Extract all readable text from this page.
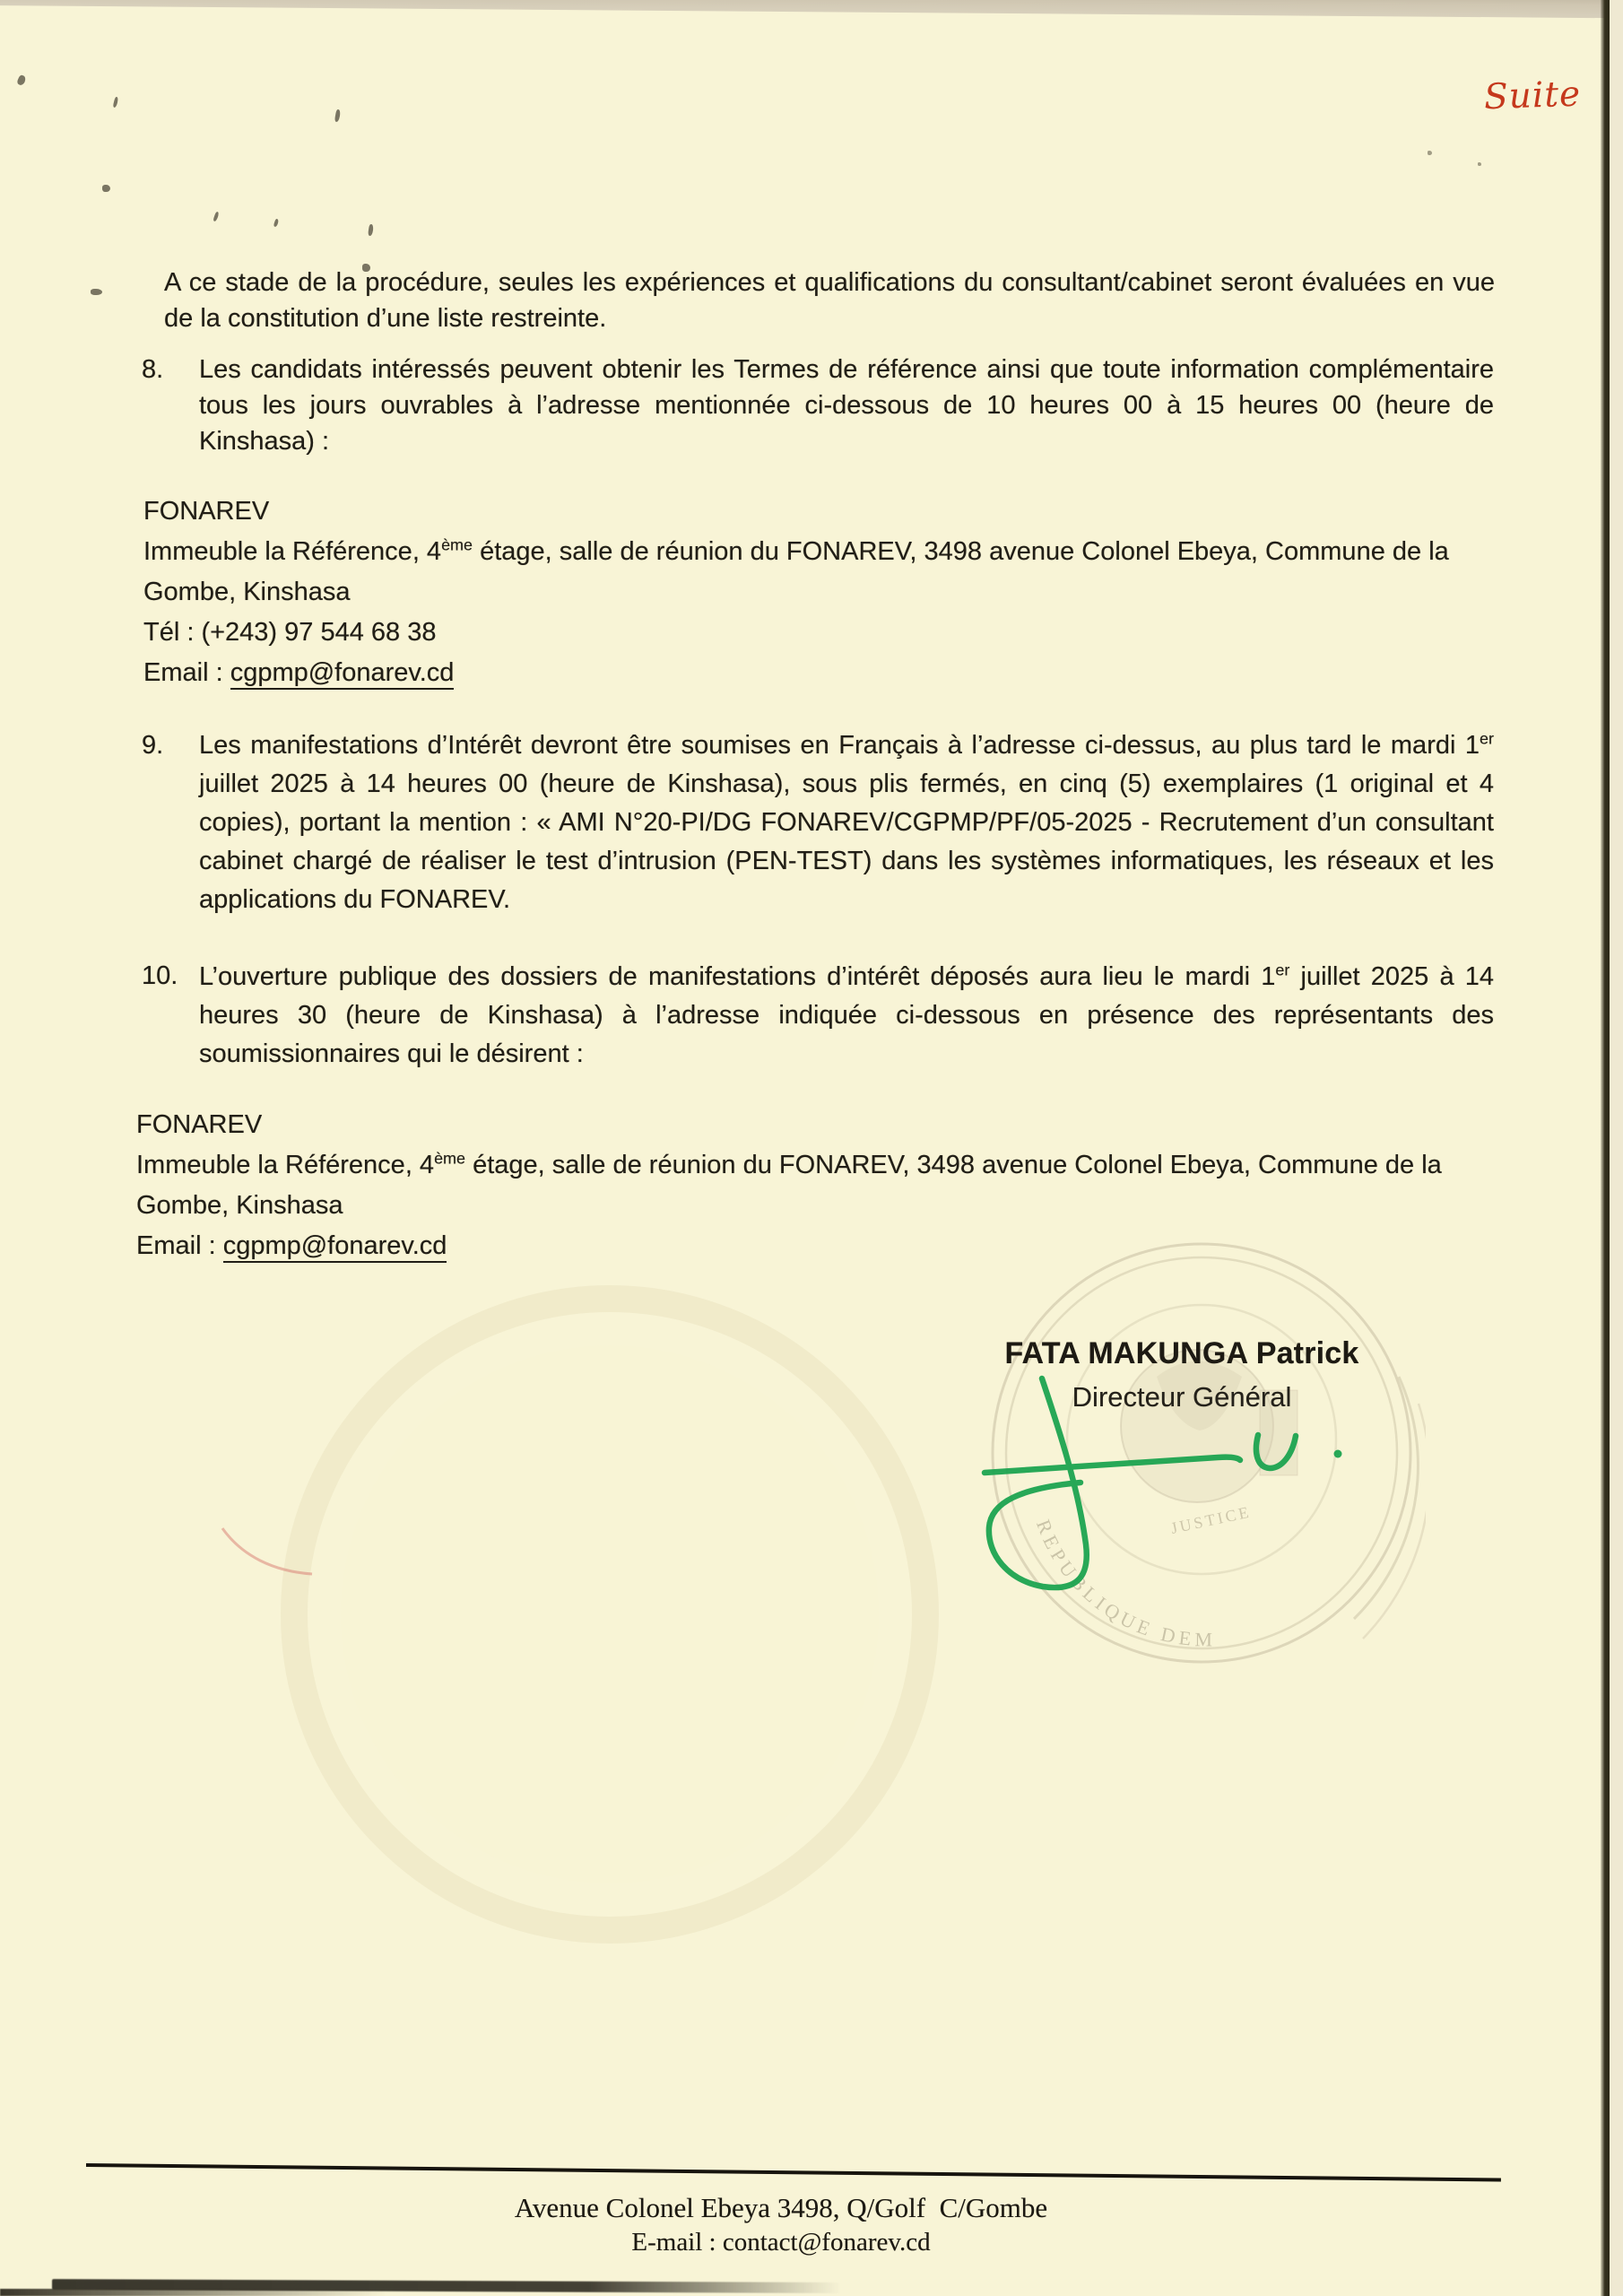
REPUBLIQUE DEM
JUSTICE
Suite

A ce stade de la procédure, seules les expériences et qualifications du consultant/cabinet seront évaluées en vue de la constitution d’une liste restreinte.

8. Les candidats intéressés peuvent obtenir les Termes de référence ainsi que toute information complémentaire tous les jours ouvrables à l’adresse mentionnée ci-dessous de 10 heures 00 à 15 heures 00 (heure de Kinshasa) :

FONAREV
Immeuble la Référence, 4ème étage, salle de réunion du FONAREV, 3498 avenue Colonel Ebeya, Commune de la Gombe, Kinshasa
Tél : (+243) 97 544 68 38
Email : cgpmp@fonarev.cd
9. Les manifestations d’Intérêt devront être soumises en Français à l’adresse ci-dessus, au plus tard le mardi 1er juillet 2025 à 14 heures 00 (heure de Kinshasa), sous plis fermés, en cinq (5) exemplaires (1 original et 4 copies), portant la mention : « AMI N°20-PI/DG FONAREV/CGPMP/PF/05-2025 - Recrutement d’un consultant cabinet chargé de réaliser le test d’intrusion (PEN-TEST) dans les systèmes informatiques, les réseaux et les applications du FONAREV.

10. L’ouverture publique des dossiers de manifestations d’intérêt déposés aura lieu le mardi 1er juillet 2025 à 14 heures 30 (heure de Kinshasa) à l’adresse indiquée ci-dessous en présence des représentants des soumissionnaires qui le désirent :

FONAREV
Immeuble la Référence, 4ème étage, salle de réunion du FONAREV, 3498 avenue Colonel Ebeya, Commune de la Gombe, Kinshasa
Email : cgpmp@fonarev.cd
FATA MAKUNGA Patrick
Directeur Général
Avenue Colonel Ebeya 3498, Q/Golf  C/Gombe
E-mail : contact@fonarev.cd
